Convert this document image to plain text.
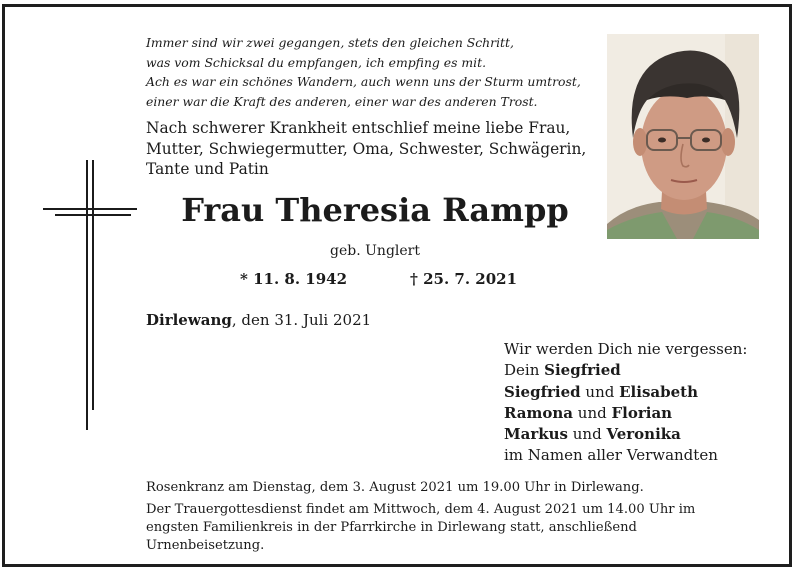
Immer sind wir zwei gegangen, stets den gleichen Schritt,
was vom Schicksal du empfangen, ich empfing es mit.
Ach es war ein schönes Wandern, auch wenn uns der Sturm umtrost,
einer war die Kraft des anderen, einer war des anderen Trost.
Nach schwerer Krankheit entschlief meine liebe Frau,
Mutter, Schwiegermutter, Oma, Schwester, Schwägerin,
Tante und Patin
Frau Theresia Rampp
geb. Unglert
* 11. 8. 1942	† 25. 7. 2021
Dirlewang, den 31. Juli 2021
Wir werden Dich nie vergessen:
Dein Siegfried
Siegfried und Elisabeth
Ramona und Florian
Markus und Veronika
im Namen aller Verwandten
Rosenkranz am Dienstag, dem 3. August 2021 um 19.00 Uhr in Dirlewang.
Der Trauergottesdienst findet am Mittwoch, dem 4. August 2021 um 14.00 Uhr im
engsten Familienkreis in der Pfarrkirche in Dirlewang statt, anschließend
Urnenbeisetzung.
